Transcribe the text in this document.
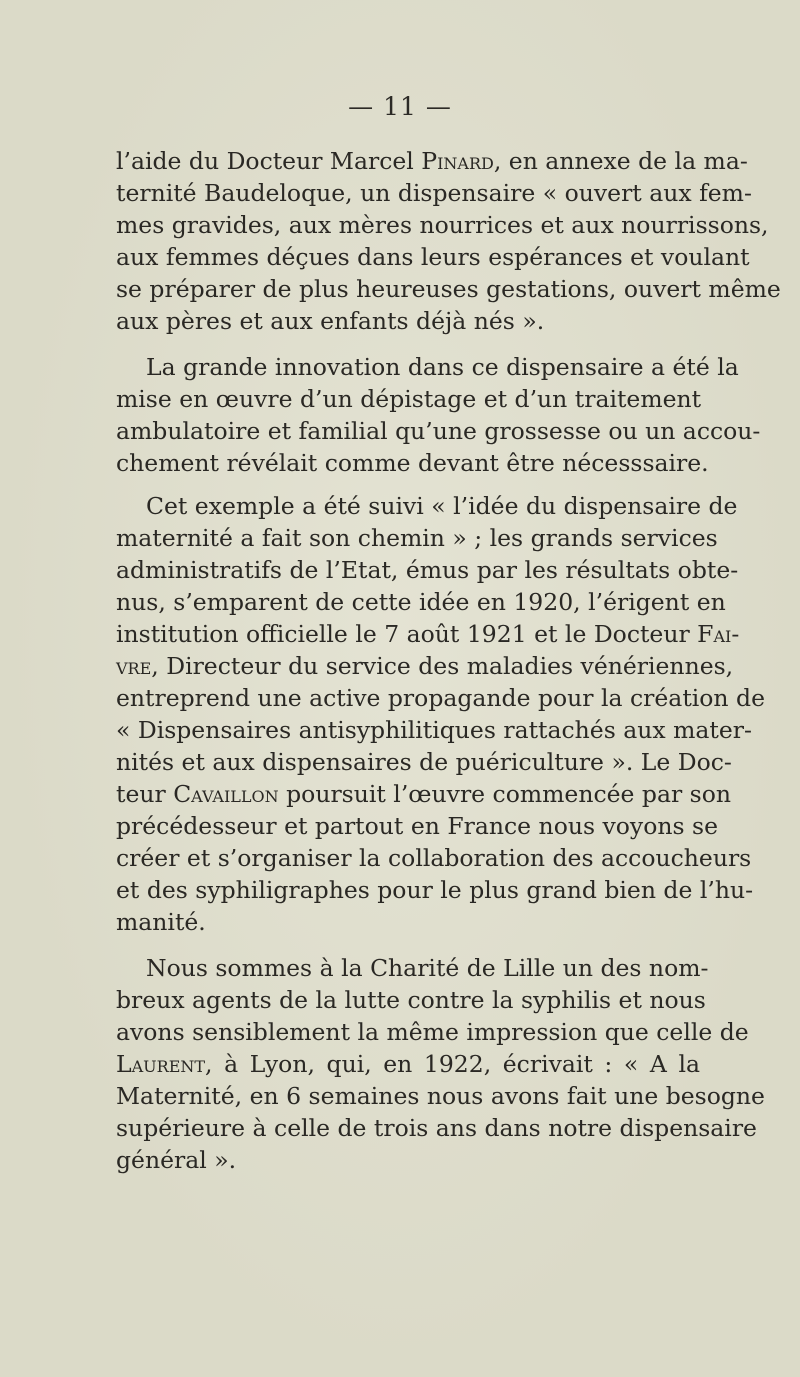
— 11 —
l’aide du Docteur Marcel Pinard, en annexe de la ma-
ternité Baudeloque, un dispensaire « ouvert aux fem-
mes gravides, aux mères nourrices et aux nourrissons,
aux femmes déçues dans leurs espérances et voulant
se préparer de plus heureuses gestations, ouvert même
aux pères et aux enfants déjà nés ».
La grande innovation dans ce dispensaire a été la
mise en œuvre d’un dépistage et d’un traitement
ambulatoire et familial qu’une grossesse ou un accou-
chement révélait comme devant être nécesssaire.
Cet exemple a été suivi « l’idée du dispensaire de
maternité a fait son chemin » ; les grands services
administratifs de l’Etat, émus par les résultats obte-
nus, s’emparent de cette idée en 1920, l’érigent en
institution officielle le 7 août 1921 et le Docteur Fai-
vre, Directeur du service des maladies vénériennes,
entreprend une active propagande pour la création de
« Dispensaires antisyphilitiques rattachés aux mater-
nités et aux dispensaires de puériculture ». Le Doc-
teur Cavaillon poursuit l’œuvre commencée par son
précédesseur et partout en France nous voyons se
créer et s’organiser la collaboration des accoucheurs
et des syphiligraphes pour le plus grand bien de l’hu-
manité.
Nous sommes à la Charité de Lille un des nom-
breux agents de la lutte contre la syphilis et nous
avons sensiblement la même impression que celle de
Laurent, à Lyon, qui, en 1922, écrivait : « A la
Maternité, en 6 semaines nous avons fait une besogne
supérieure à celle de trois ans dans notre dispensaire
général ».
